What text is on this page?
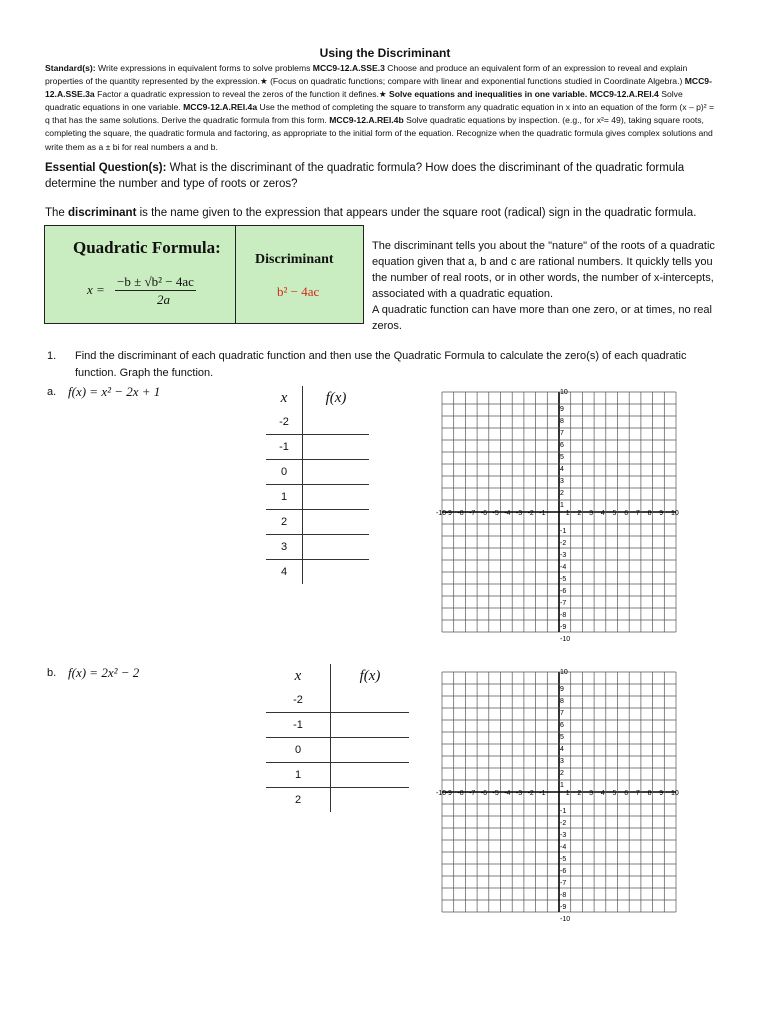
Using the Discriminant
Standard(s): Write expressions in equivalent forms to solve problems MCC9-12.A.SSE.3 Choose and produce an equivalent form of an expression to reveal and explain properties of the quantity represented by the expression.★ (Focus on quadratic functions; compare with linear and exponential functions studied in Coordinate Algebra.) MCC9-12.A.SSE.3a Factor a quadratic expression to reveal the zeros of the function it defines.★ Solve equations and inequalities in one variable. MCC9-12.A.REI.4 Solve quadratic equations in one variable. MCC9-12.A.REI.4a Use the method of completing the square to transform any quadratic equation in x into an equation of the form (x – p)² = q that has the same solutions. Derive the quadratic formula from this form. MCC9-12.A.REI.4b Solve quadratic equations by inspection. (e.g., for x²= 49), taking square roots, completing the square, the quadratic formula and factoring, as appropriate to the initial form of the equation. Recognize when the quadratic formula gives complex solutions and write them as a ± bi for real numbers a and b.
Essential Question(s): What is the discriminant of the quadratic formula? How does the discriminant of the quadratic formula determine the number and type of roots or zeros?
The discriminant is the name given to the expression that appears under the square root (radical) sign in the quadratic formula.
Quadratic Formula:
x =
−b ± √b² − 4ac
2a
Discriminant
b² − 4ac
The discriminant tells you about the "nature" of the roots of a quadratic equation given that a, b and c are rational numbers. It quickly tells you the number of real roots, or in other words, the number of x-intercepts, associated with a quadratic equation.
A quadratic function can have more than one zero, or at times, no real zeros.
1. Find the discriminant of each quadratic function and then use the Quadratic Formula to calculate the zero(s) of each quadratic function. Graph the function.
a. f(x) = x² − 2x + 1	x	f(x)
-2	
-1	
0	
1	
2	
3	
4	
-10
-10
-9
-9
-8
-8
-7
-7
-6
-6
-5
-5
-4
-4
-3
-3
-2
-2
-1
-1
1
1
2
2
3
3
4
4
5
5
6
6
7
7
8
8
9
9
10
10
b. f(x) = 2x² − 2	x	f(x)
-2	
-1	
0	
1	
2	
-10
-10
-9
-9
-8
-8
-7
-7
-6
-6
-5
-5
-4
-4
-3
-3
-2
-2
-1
-1
1
1
2
2
3
3
4
4
5
5
6
6
7
7
8
8
9
9
10
10
